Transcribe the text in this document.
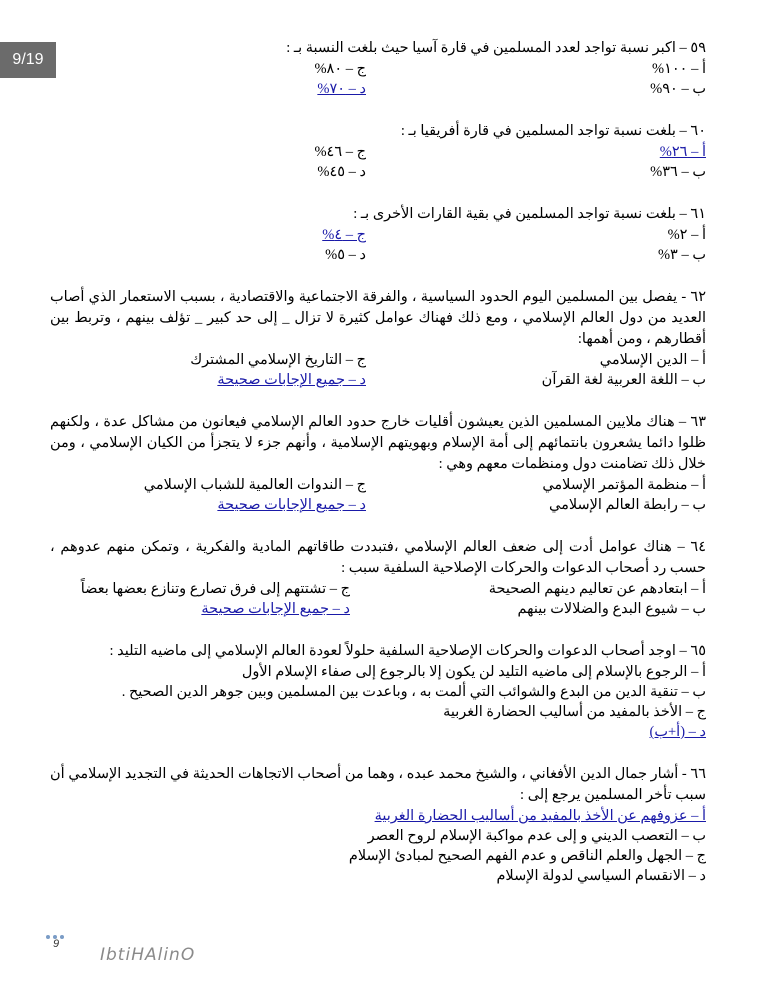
9/19
٥٩ – اكبر نسبة تواجد لعدد المسلمين في قارة آسيا حيث بلغت النسبة بـ :
أ – ١٠٠%
ب – ٩٠%
ج – ٨٠%
د – ٧٠%
٦٠ – بلغت نسبة تواجد المسلمين في قارة أفريقيا بـ :
أ – ٢٦%
ب – ٣٦%
ج – ٤٦%
د – ٤٥%
٦١ – بلغت نسبة تواجد المسلمين في بقية القارات الأخرى بـ :
أ – ٢%
ب – ٣%
ج – ٤%
د – ٥%
٦٢ - يفصل بين المسلمين اليوم الحدود السياسية ، والفرقة الاجتماعية والاقتصادية ، بسبب الاستعمار الذي أصاب العديد من دول العالم الإسلامي ، ومع ذلك فهناك عوامل كثيرة لا تزال _ إلى حد كبير _ تؤلف بينهم ، وتربط بين أقطارهم ، ومن أهمها:
أ – الدين الإسلامي
ب – اللغة العربية لغة القرآن
ج – التاريخ الإسلامي المشترك
د – جميع الإجابات صحيحة
٦٣ – هناك ملايين المسلمين الذين يعيشون أقليات خارج حدود العالم الإسلامي فيعانون من مشاكل عدة ، ولكنهم ظلوا دائما يشعرون بانتمائهم إلى أمة الإسلام وبهويتهم الإسلامية ، وأنهم جزء لا يتجزأ من الكيان الإسلامي ، ومن خلال ذلك تضامنت دول ومنظمات معهم وهي :
أ – منظمة المؤتمر الإسلامي
ب – رابطة العالم الإسلامي
ج – الندوات العالمية للشباب الإسلامي
د – جميع الإجابات صحيحة
٦٤ – هناك عوامل أدت إلى ضعف العالم الإسلامي ،فتبددت طاقاتهم المادية والفكرية ، وتمكن منهم عدوهم ، حسب رد أصحاب الدعوات والحركات الإصلاحية السلفية سبب :
أ – ابتعادهم عن تعاليم دينهم الصحيحة
ب – شيوع البدع والضلالات بينهم
ج – تشتتهم إلى فرق تصارع وتنازع بعضها بعضاً
د – جميع الإجابات صحيحة
٦٥ – اوجد أصحاب الدعوات والحركات الإصلاحية السلفية حلولاً لعودة العالم الإسلامي إلى ماضيه التليد :
أ – الرجوع بالإسلام إلى ماضيه التليد لن يكون إلا بالرجوع إلى صفاء الإسلام الأول
ب – تنقية الدين من البدع والشوائب التي ألمت به ، وباعدت بين المسلمين وبين جوهر الدين الصحيح .
ج – الأخذ بالمفيد من أساليب الحضارة الغربية
د – (أ+ب)
٦٦ - أشار جمال الدين الأفغاني ، والشيخ محمد عبده ، وهما من أصحاب الاتجاهات الحديثة في التجديد الإسلامي أن سبب تأخر المسلمين يرجع إلى :
أ – عزوفهم عن الأخذ بالمفيد من أساليب الحضارة الغربية
ب – التعصب الديني و إلى عدم مواكبة الإسلام لروح العصر
ج – الجهل والعلم الناقص و عدم الفهم الصحيح لمبادئ الإسلام
د – الانقسام السياسي لدولة الإسلام
9
IbtiHAlinO
